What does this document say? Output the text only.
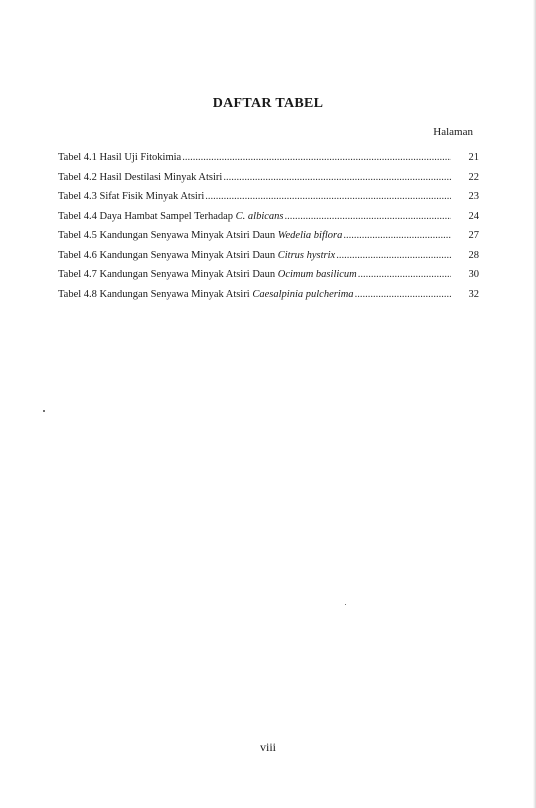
DAFTAR TABEL
Halaman
Tabel 4.1 Hasil Uji Fitokimia .....	21
Tabel 4.2 Hasil Destilasi Minyak Atsiri .....	22
Tabel 4.3 Sifat Fisik Minyak Atsiri .....	23
Tabel 4.4 Daya Hambat Sampel Terhadap C. albicans .....	24
Tabel 4.5 Kandungan Senyawa Minyak Atsiri Daun Wedelia biflora .....	27
Tabel 4.6 Kandungan Senyawa Minyak Atsiri Daun Citrus hystrix .....	28
Tabel 4.7 Kandungan Senyawa Minyak Atsiri Daun Ocimum basilicum .....	30
Tabel 4.8 Kandungan Senyawa Minyak Atsiri Caesalpinia pulcherima .....	32
viii
